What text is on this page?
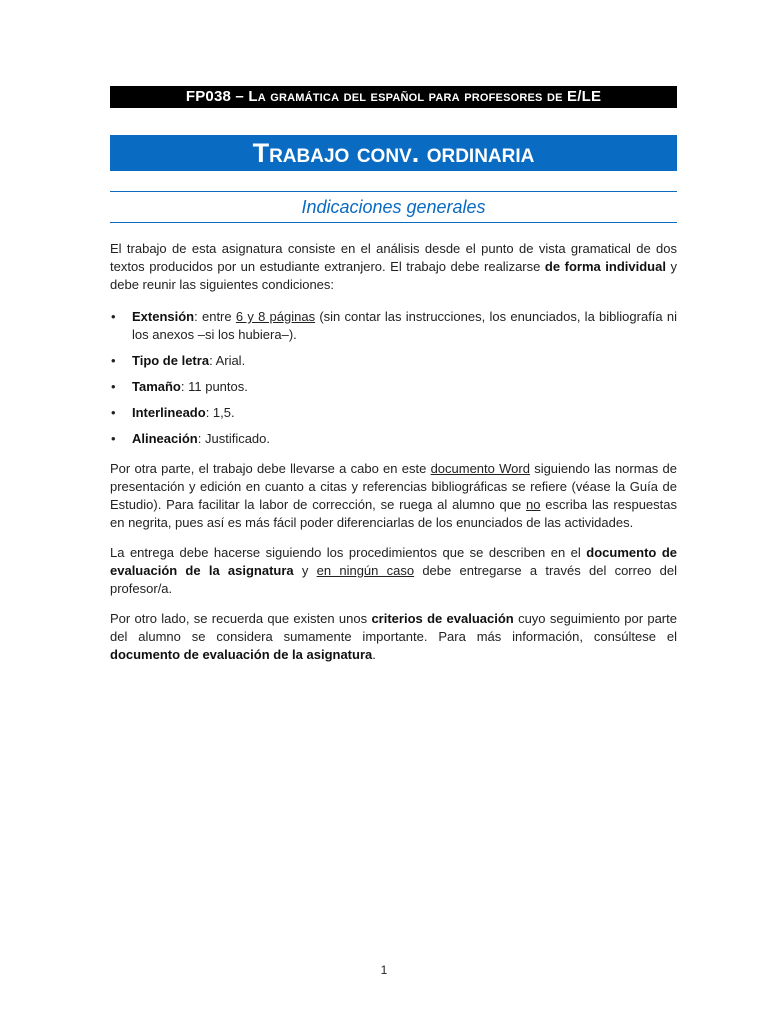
FP038 – La gramática del español para profesores de E/LE
Trabajo conv. ordinaria
Indicaciones generales

El trabajo de esta asignatura consiste en el análisis desde el punto de vista gramatical de dos textos producidos por un estudiante extranjero. El trabajo debe realizarse de forma individual y debe reunir las siguientes condiciones:

• Extensión: entre 6 y 8 páginas (sin contar las instrucciones, los enunciados, la bibliografía ni los anexos –si los hubiera–).
• Tipo de letra: Arial.
• Tamaño: 11 puntos.
• Interlineado: 1,5.
• Alineación: Justificado.

Por otra parte, el trabajo debe llevarse a cabo en este documento Word siguiendo las normas de presentación y edición en cuanto a citas y referencias bibliográficas se refiere (véase la Guía de Estudio). Para facilitar la labor de corrección, se ruega al alumno que no escriba las respuestas en negrita, pues así es más fácil poder diferenciarlas de los enunciados de las actividades.

La entrega debe hacerse siguiendo los procedimientos que se describen en el documento de evaluación de la asignatura y en ningún caso debe entregarse a través del correo del profesor/a.

Por otro lado, se recuerda que existen unos criterios de evaluación cuyo seguimiento por parte del alumno se considera sumamente importante. Para más información, consúltese el documento de evaluación de la asignatura.

1
